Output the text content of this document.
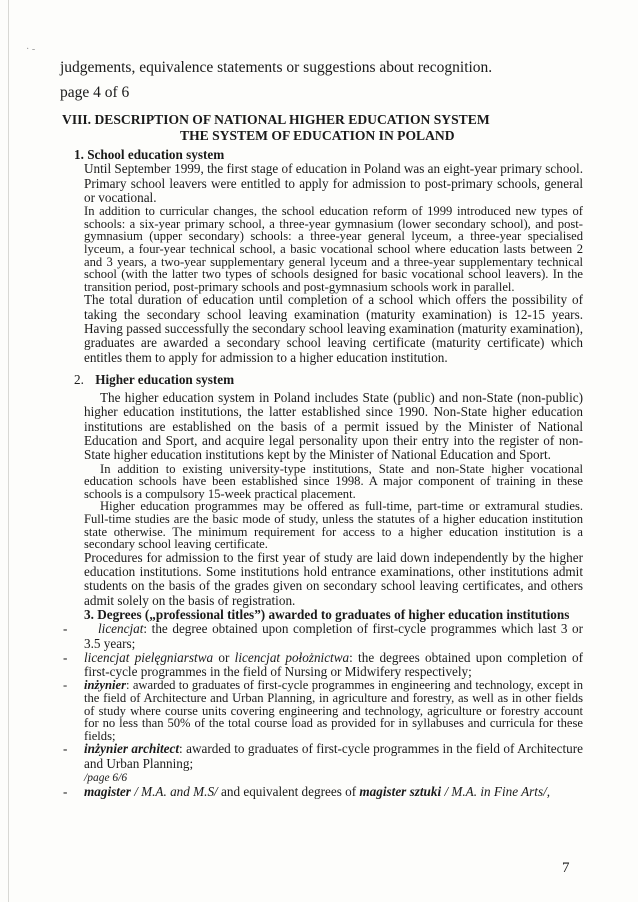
· ‐
judgements, equivalence statements or suggestions about recognition.
page 4 of 6
VIII. DESCRIPTION OF NATIONAL HIGHER EDUCATION SYSTEM
THE SYSTEM OF EDUCATION IN POLAND
1. School education system

Until September 1999, the first stage of education in Poland was an eight-year primary school. Primary school leavers were entitled to apply for admission to post-primary schools, general or vocational.

In addition to curricular changes, the school education reform of 1999 introduced new types of schools: a six-year primary school, a three-year gymnasium (lower secondary school), and post-gymnasium (upper secondary) schools: a three-year general lyceum, a three-year specialised lyceum, a four-year technical school, a basic vocational school where education lasts between 2 and 3 years, a two-year supplementary general lyceum and a three-year supplementary technical school (with the latter two types of schools designed for basic vocational school leavers). In the transition period, post-primary schools and post-gymnasium schools work in parallel.

The total duration of education until completion of a school which offers the possibility of taking the secondary school leaving examination (maturity examination) is 12-15 years. Having passed successfully the secondary school leaving examination (maturity examination), graduates are awarded a secondary school leaving certificate (maturity certificate) which entitles them to apply for admission to a higher education institution.

2. Higher education system

The higher education system in Poland includes State (public) and non-State (non-public) higher education institutions, the latter established since 1990. Non-State higher education institutions are established on the basis of a permit issued by the Minister of National Education and Sport, and acquire legal personality upon their entry into the register of non-State higher education institutions kept by the Minister of National Education and Sport.

In addition to existing university-type institutions, State and non-State higher vocational education schools have been established since 1998. A major component of training in these schools is a compulsory 15-week practical placement.

Higher education programmes may be offered as full-time, part-time or extramural studies. Full-time studies are the basic mode of study, unless the statutes of a higher education institution state otherwise. The minimum requirement for access to a higher education institution is a secondary school leaving certificate.

Procedures for admission to the first year of study are laid down independently by the higher education institutions. Some institutions hold entrance examinations, other institutions admit students on the basis of the grades given on secondary school leaving certificates, and others admit solely on the basis of registration.

3. Degrees („professional titles”) awarded to graduates of higher education institutions
- licencjat: the degree obtained upon completion of first-cycle programmes which last 3 or 3.5 years;
- licencjat pielęgniarstwa or licencjat położnictwa: the degrees obtained upon completion of first-cycle programmes in the field of Nursing or Midwifery respectively;
- inżynier: awarded to graduates of first-cycle programmes in engineering and technology, except in the field of Architecture and Urban Planning, in agriculture and forestry, as well as in other fields of study where course units covering engineering and technology, agriculture or forestry account for no less than 50% of the total course load as provided for in syllabuses and curricula for these fields;
- inżynier architect: awarded to graduates of first-cycle programmes in the field of Architecture and Urban Planning;
/page 6/6
- magister / M.A. and M.S/ and equivalent degrees of magister sztuki / M.A. in Fine Arts/,
7
